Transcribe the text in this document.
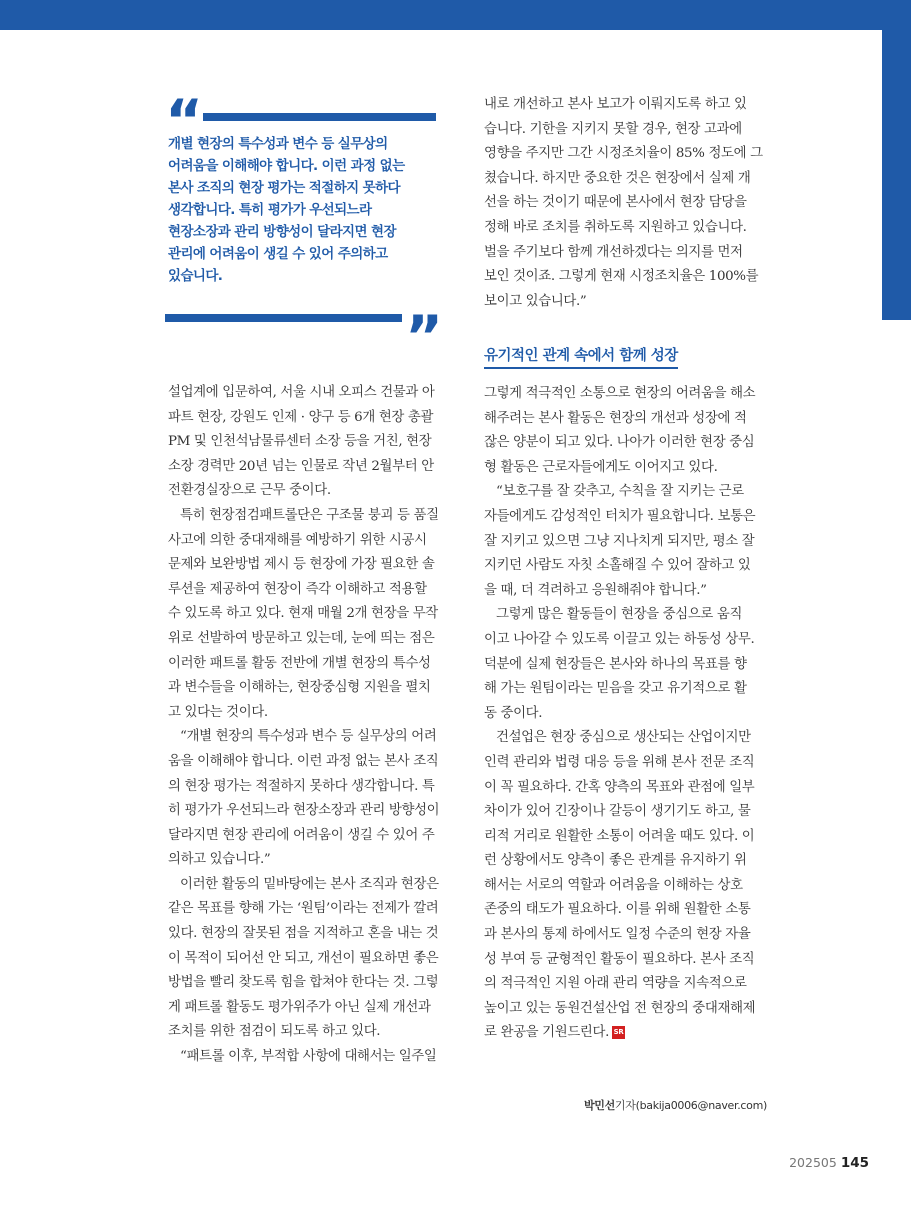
“

개별 현장의 특수성과 변수 등 실무상의
어려움을 이해해야 합니다. 이런 과정 없는
본사 조직의 현장 평가는 적절하지 못하다
생각합니다. 특히 평가가 우선되느라
현장소장과 관리 방향성이 달라지면 현장
관리에 어려움이 생길 수 있어 주의하고
있습니다.

”

설업계에 입문하여, 서울 시내 오피스 건물과 아
파트 현장, 강원도 인제 · 양구 등 6개 현장 총괄
PM 및 인천석남물류센터 소장 등을 거친, 현장
소장 경력만 20년 넘는 인물로 작년 2월부터 안
전환경실장으로 근무 중이다.

특히 현장점검패트롤단은 구조물 붕괴 등 품질
사고에 의한 중대재해를 예방하기 위한 시공시
문제와 보완방법 제시 등 현장에 가장 필요한 솔
루션을 제공하여 현장이 즉각 이해하고 적용할
수 있도록 하고 있다. 현재 매월 2개 현장을 무작
위로 선발하여 방문하고 있는데, 눈에 띄는 점은
이러한 패트롤 활동 전반에 개별 현장의 특수성
과 변수들을 이해하는, 현장중심형 지원을 펼치
고 있다는 것이다.

“개별 현장의 특수성과 변수 등 실무상의 어려
움을 이해해야 합니다. 이런 과정 없는 본사 조직
의 현장 평가는 적절하지 못하다 생각합니다. 특
히 평가가 우선되느라 현장소장과 관리 방향성이
달라지면 현장 관리에 어려움이 생길 수 있어 주
의하고 있습니다.”

이러한 활동의 밑바탕에는 본사 조직과 현장은
같은 목표를 향해 가는 ‘원팀’이라는 전제가 깔려
있다. 현장의 잘못된 점을 지적하고 혼을 내는 것
이 목적이 되어선 안 되고, 개선이 필요하면 좋은
방법을 빨리 찾도록 힘을 합쳐야 한다는 것. 그렇
게 패트롤 활동도 평가위주가 아닌 실제 개선과
조치를 위한 점검이 되도록 하고 있다.

“패트롤 이후, 부적합 사항에 대해서는 일주일

내로 개선하고 본사 보고가 이뤄지도록 하고 있
습니다. 기한을 지키지 못할 경우, 현장 고과에
영향을 주지만 그간 시정조치율이 85% 정도에 그
쳤습니다. 하지만 중요한 것은 현장에서 실제 개
선을 하는 것이기 때문에 본사에서 현장 담당을
정해 바로 조치를 취하도록 지원하고 있습니다.
벌을 주기보다 함께 개선하겠다는 의지를 먼저
보인 것이죠. 그렇게 현재 시정조치율은 100%를
보이고 있습니다.”

유기적인 관계 속에서 함께 성장

그렇게 적극적인 소통으로 현장의 어려움을 해소
해주려는 본사 활동은 현장의 개선과 성장에 적
잖은 양분이 되고 있다. 나아가 이러한 현장 중심
형 활동은 근로자들에게도 이어지고 있다.

“보호구를 잘 갖추고, 수칙을 잘 지키는 근로
자들에게도 감성적인 터치가 필요합니다. 보통은
잘 지키고 있으면 그냥 지나치게 되지만, 평소 잘
지키던 사람도 자칫 소홀해질 수 있어 잘하고 있
을 때, 더 격려하고 응원해줘야 합니다.”

그렇게 많은 활동들이 현장을 중심으로 움직
이고 나아갈 수 있도록 이끌고 있는 하동성 상무.
덕분에 실제 현장들은 본사와 하나의 목표를 향
해 가는 원팀이라는 믿음을 갖고 유기적으로 활
동 중이다.

건설업은 현장 중심으로 생산되는 산업이지만
인력 관리와 법령 대응 등을 위해 본사 전문 조직
이 꼭 필요하다. 간혹 양측의 목표와 관점에 일부
차이가 있어 긴장이나 갈등이 생기기도 하고, 물
리적 거리로 원활한 소통이 어려울 때도 있다. 이
런 상황에서도 양측이 좋은 관계를 유지하기 위
해서는 서로의 역할과 어려움을 이해하는 상호
존중의 태도가 필요하다. 이를 위해 원활한 소통
과 본사의 통제 하에서도 일정 수준의 현장 자율
성 부여 등 균형적인 활동이 필요하다. 본사 조직
의 적극적인 지원 아래 관리 역량을 지속적으로
높이고 있는 동원건설산업 전 현장의 중대재해제
로 완공을 기원드린다. SR

박민선기자(bakija0006@naver.com)
202505 145
